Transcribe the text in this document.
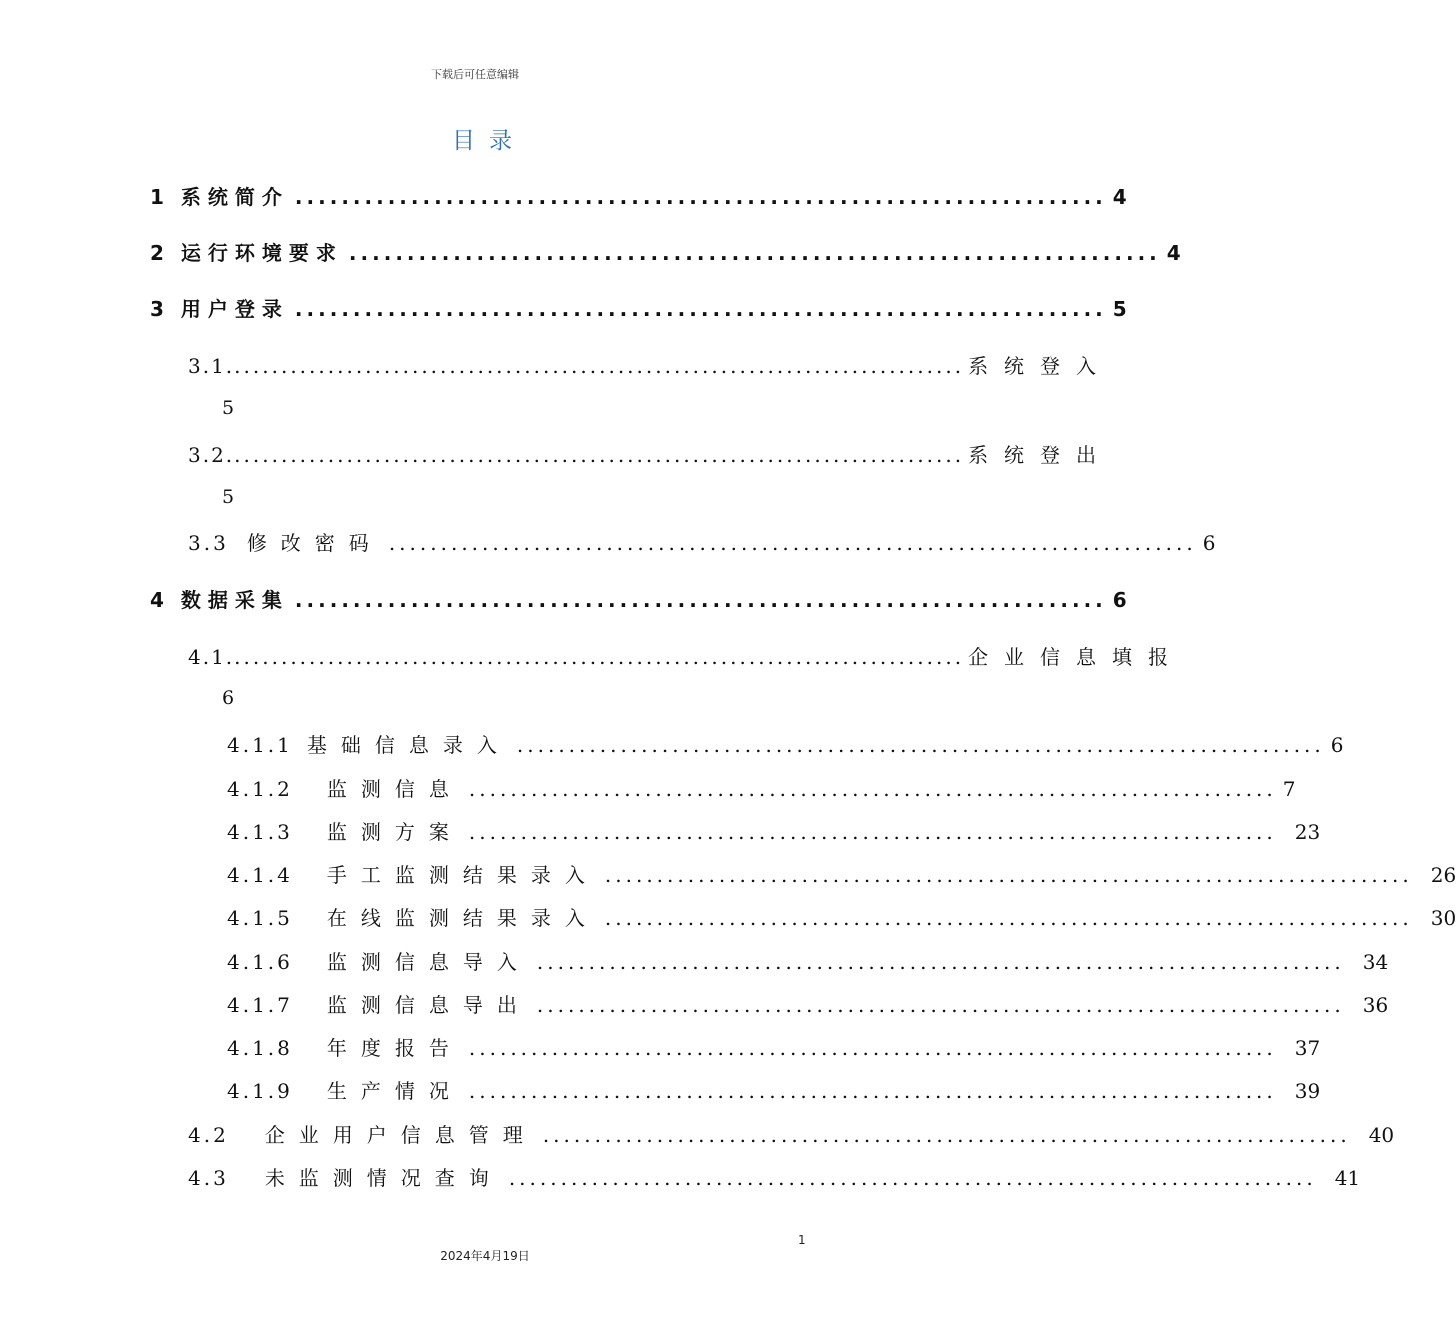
下载后可任意编辑
目录
1 系统简介 ...................................................................... 4
2 运行环境要求 ...................................................................... 4
3 用户登录 ...................................................................... 5
3.1. .............................................................................. 系统登入
5
3.2. .............................................................................. 系统登出
5
3.3 修改密码 .............................................................................. 6
4 数据采集 ...................................................................... 6
4.1. .............................................................................. 企业信息填报
6
4.1.1 基础信息录入 .............................................................................. 6
4.1.2 监测信息 .............................................................................. 7
4.1.3 监测方案 .............................................................................. 23
4.1.4 手工监测结果录入 .............................................................................. 26
4.1.5 在线监测结果录入 .............................................................................. 30
4.1.6 监测信息导入 .............................................................................. 34
4.1.7 监测信息导出 .............................................................................. 36
4.1.8 年度报告 .............................................................................. 37
4.1.9 生产情况 .............................................................................. 39
4.2 企业用户信息管理 .............................................................................. 40
4.3 未监测情况查询 .............................................................................. 41
1
2024年4月19日
